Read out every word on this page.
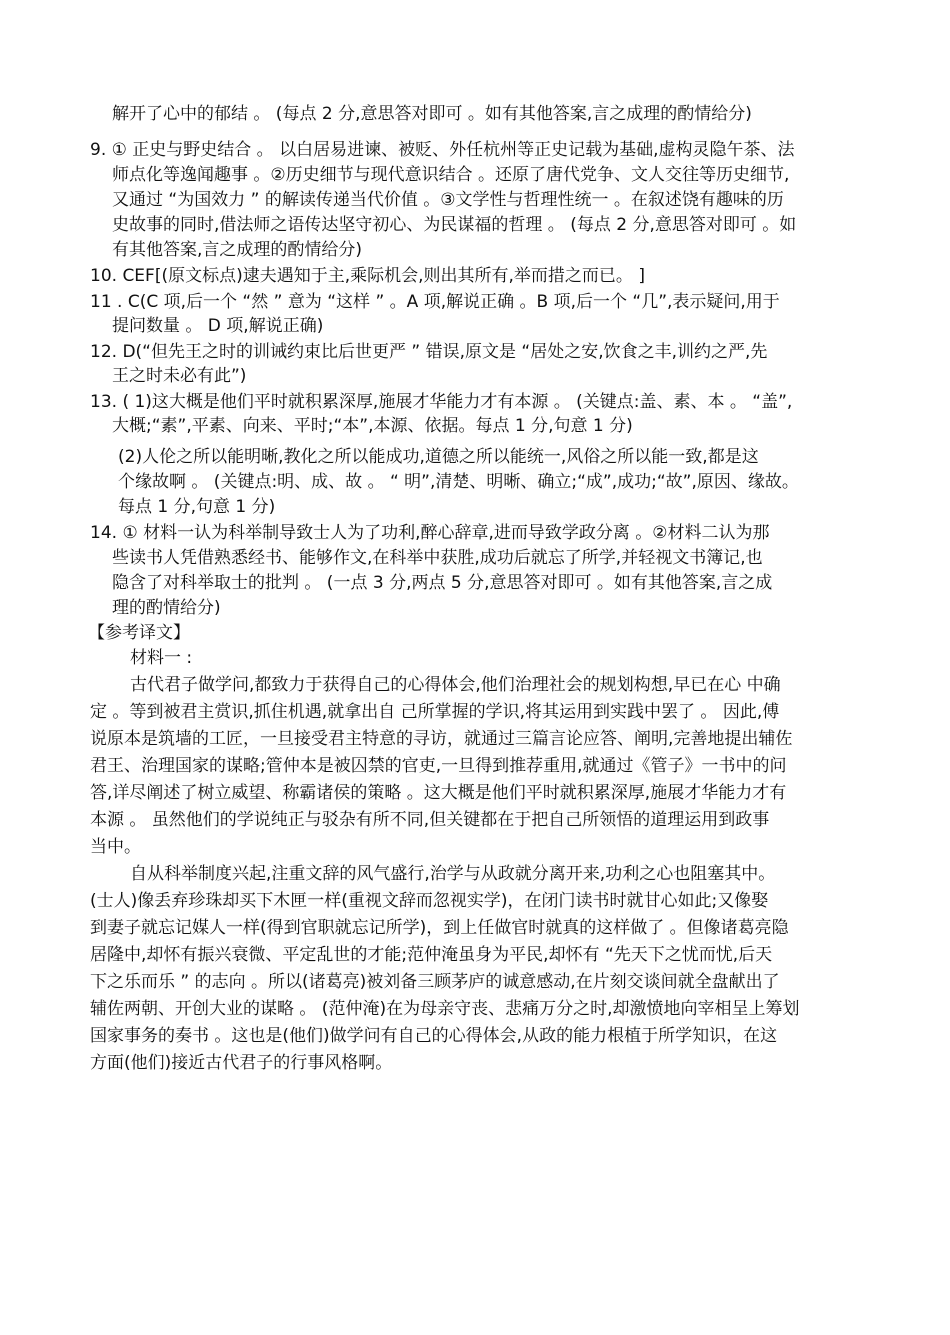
解开了心中的郁结 。 (每点 2 分,意思答对即可 。如有其他答案,言之成理的酌情给分)
9. ① 正史与野史结合 。 以白居易进谏、被贬、外任杭州等正史记载为基础,虚构灵隐午茶、法
师点化等逸闻趣事 。②历史细节与现代意识结合 。还原了唐代党争、文人交往等历史细节,
又通过 “为国效力 ” 的解读传递当代价值 。③文学性与哲理性统一 。在叙述饶有趣味的历
史故事的同时,借法师之语传达坚守初心、为民谋福的哲理 。 (每点 2 分,意思答对即可 。如
有其他答案,言之成理的酌情给分)
10. CEF[(原文标点)逮夫遇知于主,乘际机会,则出其所有,举而措之而已。 ]
11 . C(C 项,后一个 “然 ” 意为 “这样 ” 。A 项,解说正确 。B 项,后一个 “几”,表示疑问,用于
提问数量 。 D 项,解说正确)
12. D(“但先王之时的训诫约束比后世更严 ” 错误,原文是 “居处之安,饮食之丰,训约之严,先
王之时未必有此”)
13. ( 1)这大概是他们平时就积累深厚,施展才华能力才有本源 。 (关键点:盖、素、本 。 “盖”,
大概;“素”,平素、向来、平时;“本”,本源、依据。每点 1 分,句意 1 分)
(2)人伦之所以能明晰,教化之所以能成功,道德之所以能统一,风俗之所以能一致,都是这
个缘故啊 。 (关键点:明、成、故 。 “ 明”,清楚、明晰、确立;“成”,成功;“故”,原因、缘故。
每点 1 分,句意 1 分)
14. ① 材料一认为科举制导致士人为了功利,醉心辞章,进而导致学政分离 。②材料二认为那
些读书人凭借熟悉经书、能够作文,在科举中获胜,成功后就忘了所学,并轻视文书簿记,也
隐含了对科举取士的批判 。 (一点 3 分,两点 5 分,意思答对即可 。如有其他答案,言之成
理的酌情给分)
【参考译文】
材料一 :
古代君子做学问,都致力于获得自己的心得体会,他们治理社会的规划构想,早已在心 中确
定 。等到被君主赏识,抓住机遇,就拿出自 己所掌握的学识,将其运用到实践中罢了 。 因此,傅
说原本是筑墙的工匠，一旦接受君主特意的寻访，就通过三篇言论应答、阐明,完善地提出辅佐
君王、治理国家的谋略;管仲本是被囚禁的官吏,一旦得到推荐重用,就通过《管子》一书中的问
答,详尽阐述了树立威望、称霸诸侯的策略 。这大概是他们平时就积累深厚,施展才华能力才有
本源 。 虽然他们的学说纯正与驳杂有所不同,但关键都在于把自己所领悟的道理运用到政事
当中。
自从科举制度兴起,注重文辞的风气盛行,治学与从政就分离开来,功利之心也阻塞其中。
(士人)像丢弃珍珠却买下木匣一样(重视文辞而忽视实学)，在闭门读书时就甘心如此;又像娶
到妻子就忘记媒人一样(得到官职就忘记所学)，到上任做官时就真的这样做了 。但像诸葛亮隐
居隆中,却怀有振兴衰微、平定乱世的才能;范仲淹虽身为平民,却怀有 “先天下之忧而忧,后天
下之乐而乐 ” 的志向 。所以(诸葛亮)被刘备三顾茅庐的诚意感动,在片刻交谈间就全盘献出了
辅佐两朝、开创大业的谋略 。 (范仲淹)在为母亲守丧、悲痛万分之时,却激愤地向宰相呈上筹划
国家事务的奏书 。这也是(他们)做学问有自己的心得体会,从政的能力根植于所学知识，在这
方面(他们)接近古代君子的行事风格啊。
